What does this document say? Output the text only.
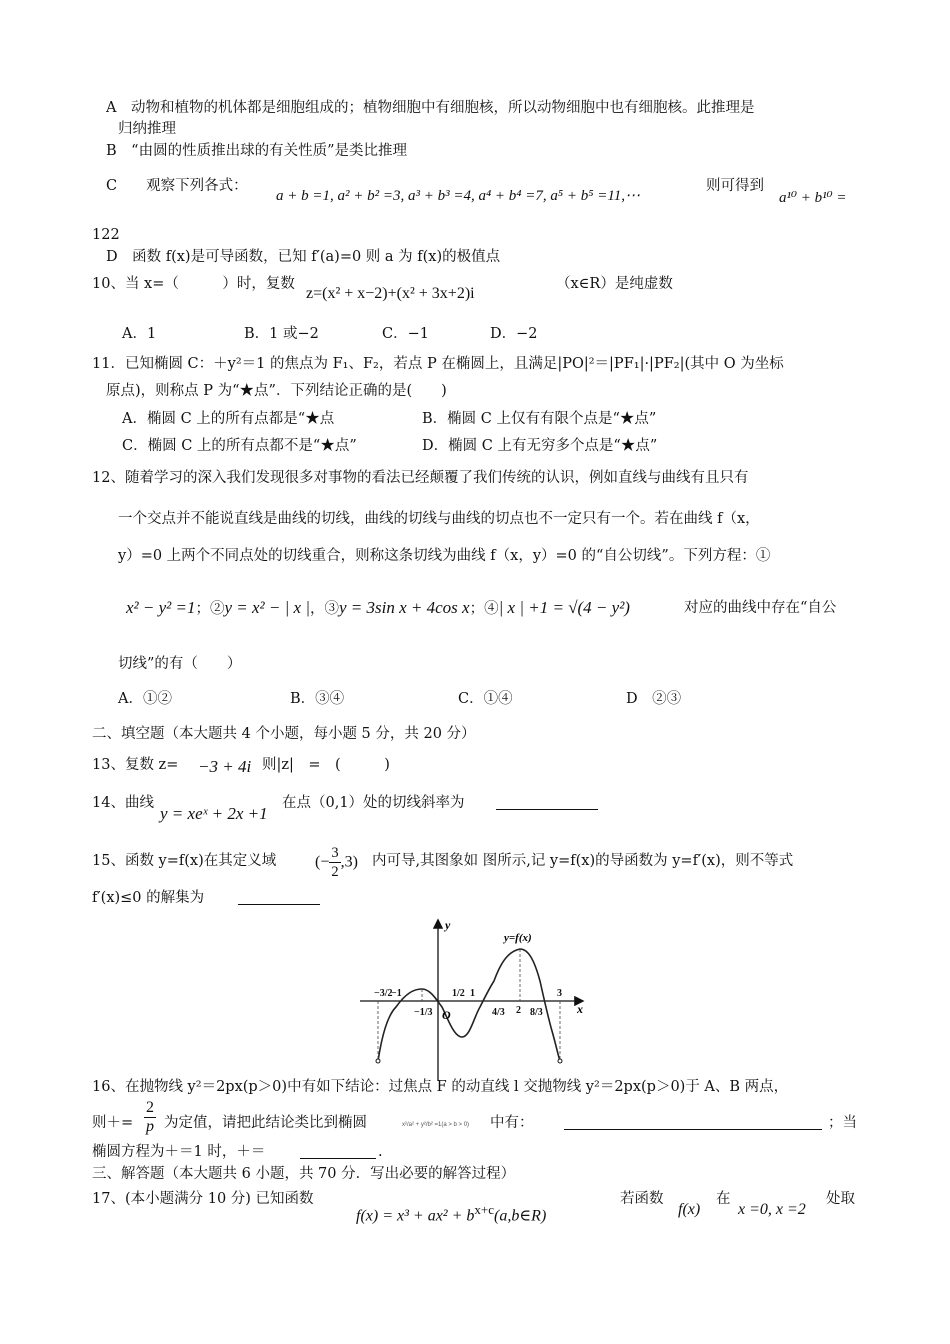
A　动物和植物的机体都是细胞组成的；植物细胞中有细胞核，所以动物细胞中也有细胞核。此推理是
归纳推理
B　“由圆的性质推出球的有关性质”是类比推理
C　　观察下列各式：
a + b =1, a² + b² =3, a³ + b³ =4, a⁴ + b⁴ =7, a⁵ + b⁵ =11,⋯
则可得到
a¹⁰ + b¹⁰ =
122
D　函数 f(x)是可导函数，已知 f′(a)=0 则 a 为 f(x)的极值点
10、当 x=（　　　）时，复数
z=(x² + x−2)+(x² + 3x+2)i
（x∈R）是纯虚数
A．1	B．1 或−2	C．−1	D．−2
11．已知椭圆 C：＋y²＝1 的焦点为 F₁、F₂，若点 P 在椭圆上，且满足|PO|²＝|PF₁|·|PF₂|(其中 O 为坐标
原点)，则称点 P 为“★点”．下列结论正确的是(　　)
A．椭圆 C 上的所有点都是“★点	B．椭圆 C 上仅有有限个点是“★点”
C．椭圆 C 上的所有点都不是“★点”	D．椭圆 C 上有无穷多个点是“★点”
12、随着学习的深入我们发现很多对事物的看法已经颠覆了我们传统的认识，例如直线与曲线有且只有
一个交点并不能说直线是曲线的切线，曲线的切线与曲线的切点也不一定只有一个。若在曲线 f（x，
y）=0 上两个不同点处的切线重合，则称这条切线为曲线 f（x，y）=0 的“自公切线”。下列方程：①
x² − y² =1；②y = x² − | x |，③y = 3sin x + 4cos x；④| x | +1 = √(4 − y²)	对应的曲线中存在“自公
切线”的有（　　）
A．①②	B．③④	C．①④	D　②③
二、填空题（本大题共 4 个小题，每小题 5 分，共 20 分）
13、复数 z= −3 + 4i 则|z|　=　(　　　)
14、曲线
y = xeˣ + 2x +1
在点（0,1）处的切线斜率为
15、函数 y=f(x)在其定义域 (− $\frac{3}{2} ,3$) 内可导,其图象如 图所示,记 y=f(x)的导函数为 y=f′(x)，则不等式
f′(x)≤0 的解集为
y
x
y=f(x)
O
−3/2
−1
−1/3
1/2 1
4/3 2 8/3
3
16、在抛物线 y²＝2px(p＞0)中有如下结论：过焦点 F 的动直线 l 交抛物线 y²＝2px(p＞0)于 A、B 两点，
则＋= $\frac{2}{p}$ 为定值，请把此结论类比到椭圆	x²/a² + y²/b² =1(a > b > 0) 中有：	；当
椭圆方程为＋＝1 时，＋＝	.
三、解答题（本大题共 6 小题，共 70 分．写出必要的解答过程）
17、(本小题满分 10 分) 已知函数
$f(x) = x^3 + ax^2 + b^{x+c}(a,b\in R)$
若函数
f(x)
在
x =0, x =2
处取
